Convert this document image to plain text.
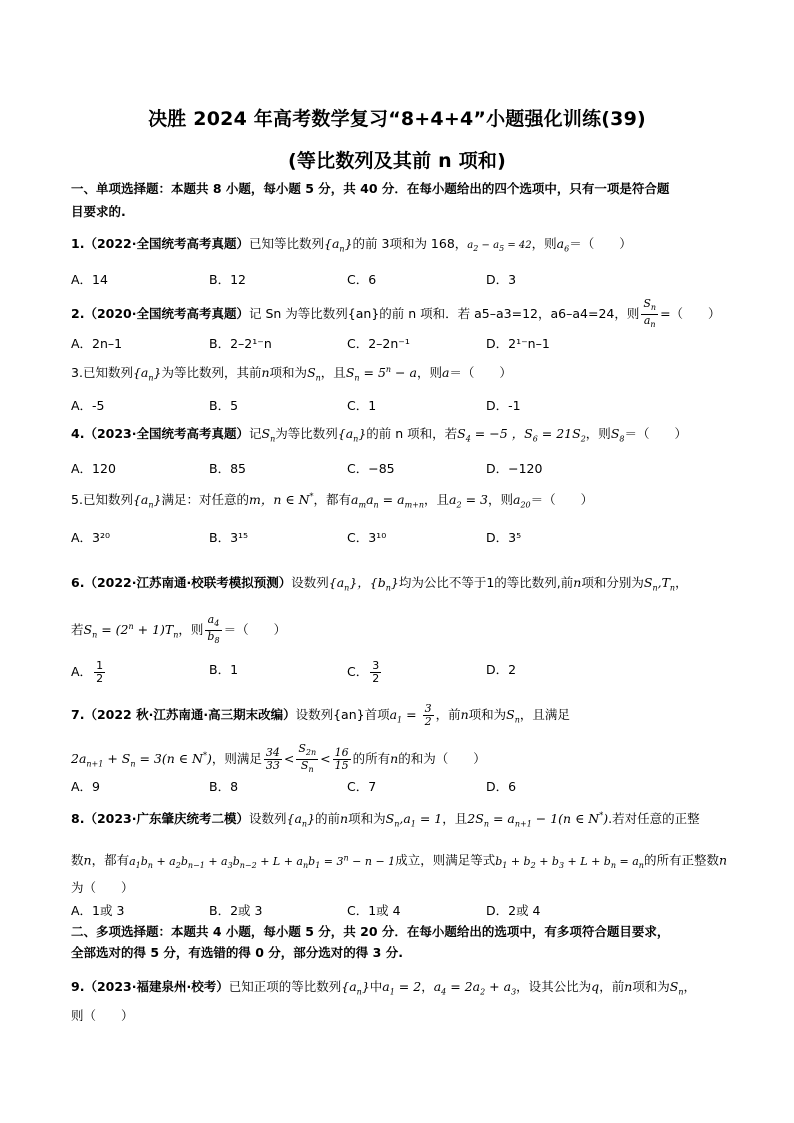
决胜 2024 年高考数学复习“8+4+4”小题强化训练(39)
(等比数列及其前 n 项和)
一、单项选择题：本题共 8 小题，每小题 5 分，共 40 分．在每小题给出的四个选项中，只有一项是符合题
目要求的.
1.（2022·全国统考高考真题）已知等比数列$\{a_n\}$的前 3项和为 168，$a_2 - a_5 = 42$，则$a_6=$（　　）
A．14	B．12	C．6	D．3
2.（2020·全国统考高考真题）记 Sn 为等比数列{an}的前 n 项和．若 a5–a3=12，a6–a4=24，则 $\frac{S_n}{a_n}$ =（　　）
A．2n–1	B．2–2¹⁻n	C．2–2n⁻¹	D．2¹⁻n–1
3.已知数列$\{a_n\}$为等比数列，其前n项和为$S_n$，且$S_n = 5^n - a$，则a＝（　　）
A．-5	B．5	C．1	D．-1
4.（2023·全国统考高考真题）记$S_n$为等比数列$\{a_n\}$的前 n 项和，若$S_4 = -5$ ，$S_6 = 21S_2$，则$S_8=$（　　）
A．120	B．85	C．−85	D．−120
5.已知数列$\{a_n\}$满足：对任意的m，n ∈ N*，都有$a_ma_n = a_{m+n}$，且$a_2 = 3$，则$a_{20}=$（　　）
A．3²⁰	B．3¹⁵	C．3¹⁰	D．3⁵
6.（2022·江苏南通·校联考模拟预测）设数列$\{a_n\}$，$\{b_n\}$均为公比不等于1的等比数列,前n项和分别为$S_n,T_n$，
若$S_n = (2^n + 1)T_n$，则 $\frac{a_4}{b_8}$ ＝（　　）
A． $\frac{1}{2}$	B．1	C． $\frac{3}{2}$	D．2
7.（2022 秋·江苏南通·高三期末改编）设数列{an}首项$a_1 = \frac{3}{2}$ ，前n项和为$S_n$，且满足
$2a_{n+1} + S_n = 3(n$ ∈ N*)，则满足 $\frac{34}{33} < \frac{S_{2n}}{S_n} < \frac{16}{15}$ 的所有n的和为（　　）
A．9	B．8	C．7	D．6
8.（2023·广东肇庆统考二模）设数列$\{a_n\}$的前n项和为$S_n,a_1 = 1$，且$2S_n = a_{n+1} - 1(n$ ∈ N*).若对任意的正整
数n，都有$a_1b_n + a_2b_{n-1} + a_3b_{n-2} + L + a_nb_1 = 3^n - n - 1$成立，则满足等式$b_1 + b_2 + b_3 + L + b_n = a_n$的所有正整数n
为（　　）
A．1或 3	B．2或 3	C．1或 4	D．2或 4
二、多项选择题：本题共 4 小题，每小题 5 分，共 20 分．在每小题给出的选项中，有多项符合题目要求，
全部选对的得 5 分，有选错的得 0 分，部分选对的得 3 分.
9.（2023·福建泉州·校考）已知正项的等比数列$\{a_n\}$中$a_1 = 2$，$a_4 = 2a_2 + a_3$，设其公比为q，前n项和为$S_n$，
则（　　）
